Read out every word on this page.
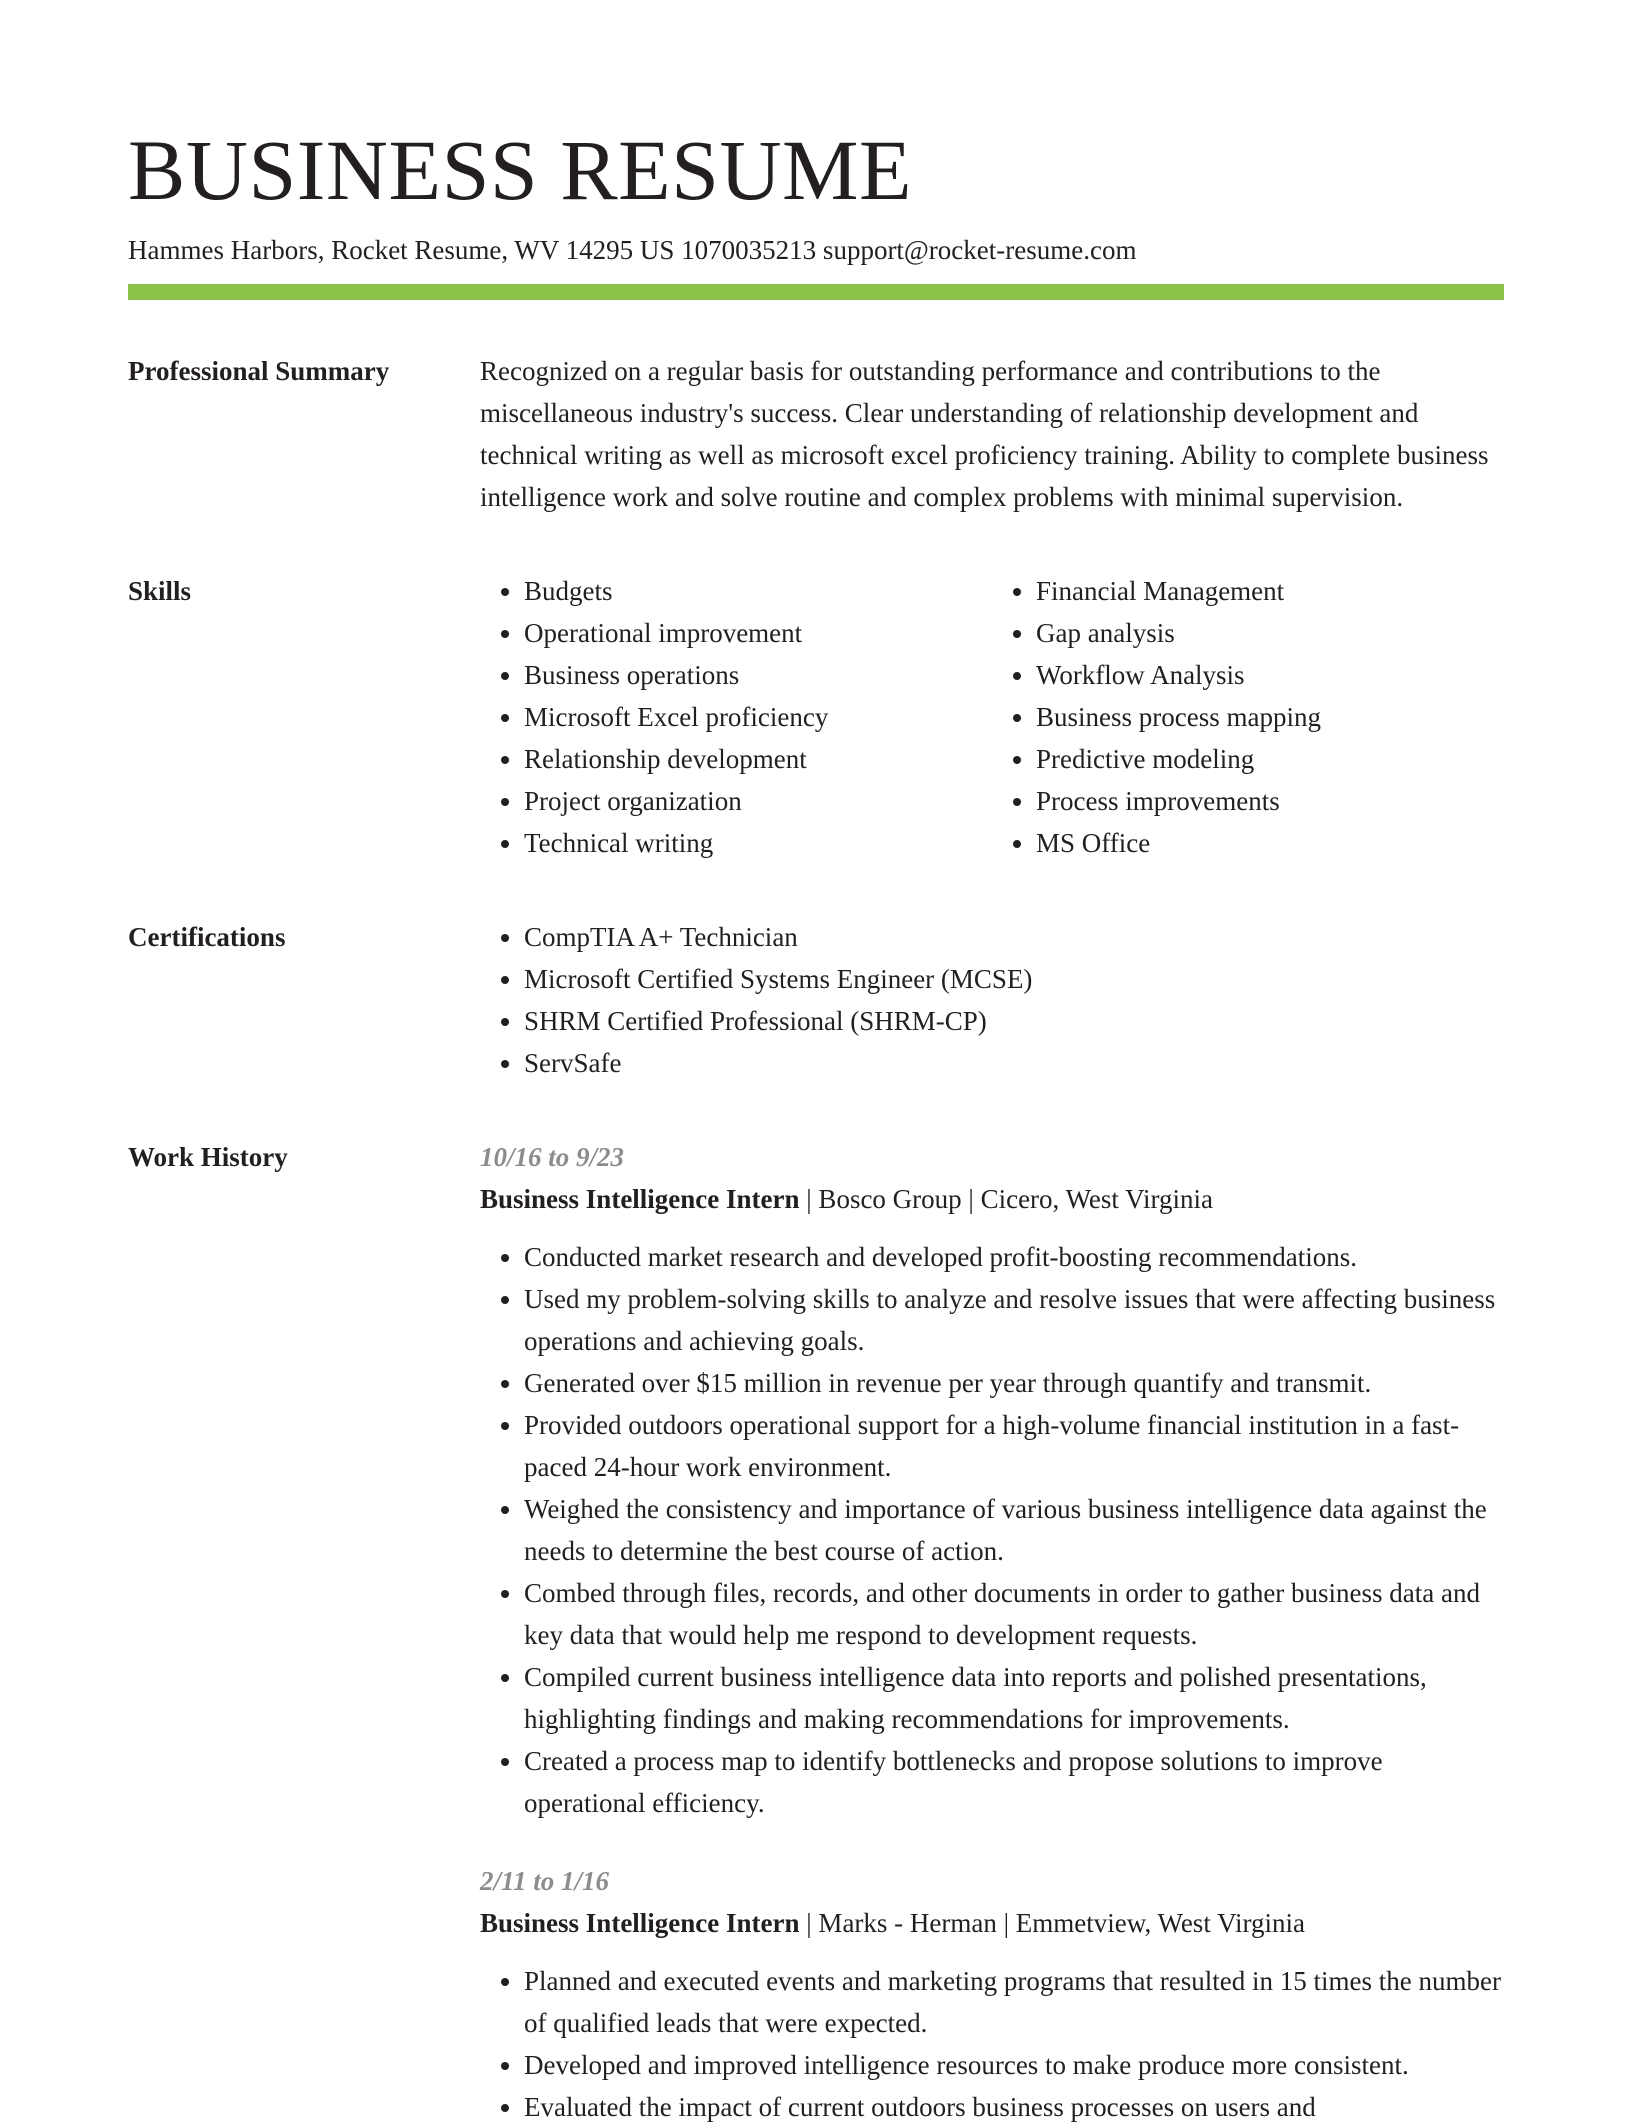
BUSINESS RESUME
Hammes Harbors, Rocket Resume, WV 14295 US 1070035213 support@rocket-resume.com
Professional Summary	Recognized on a regular basis for outstanding performance and contributions to the miscellaneous industry's success. Clear understanding of relationship development and technical writing as well as microsoft excel proficiency training. Ability to complete business intelligence work and solve routine and complex problems with minimal supervision.

Skills	• Budgets
• Operational improvement
• Business operations
• Microsoft Excel proficiency
• Relationship development
• Project organization
• Technical writing
• Financial Management
• Gap analysis
• Workflow Analysis
• Business process mapping
• Predictive modeling
• Process improvements
• MS Office
Certifications	• CompTIA A+ Technician
• Microsoft Certified Systems Engineer (MCSE)
• SHRM Certified Professional (SHRM-CP)
• ServSafe
Work History	10/16 to 9/23
Business Intelligence Intern | Bosco Group | Cicero, West Virginia
• Conducted market research and developed profit-boosting recommendations.
• Used my problem-solving skills to analyze and resolve issues that were affecting business operations and achieving goals.
• Generated over $15 million in revenue per year through quantify and transmit.
• Provided outdoors operational support for a high-volume financial institution in a fast-paced 24-hour work environment.
• Weighed the consistency and importance of various business intelligence data against the needs to determine the best course of action.
• Combed through files, records, and other documents in order to gather business data and key data that would help me respond to development requests.
• Compiled current business intelligence data into reports and polished presentations, highlighting findings and making recommendations for improvements.
• Created a process map to identify bottlenecks and propose solutions to improve operational efficiency.
2/11 to 1/16
Business Intelligence Intern | Marks - Herman | Emmetview, West Virginia
• Planned and executed events and marketing programs that resulted in 15 times the number of qualified leads that were expected.
• Developed and improved intelligence resources to make produce more consistent.
• Evaluated the impact of current outdoors business processes on users and
